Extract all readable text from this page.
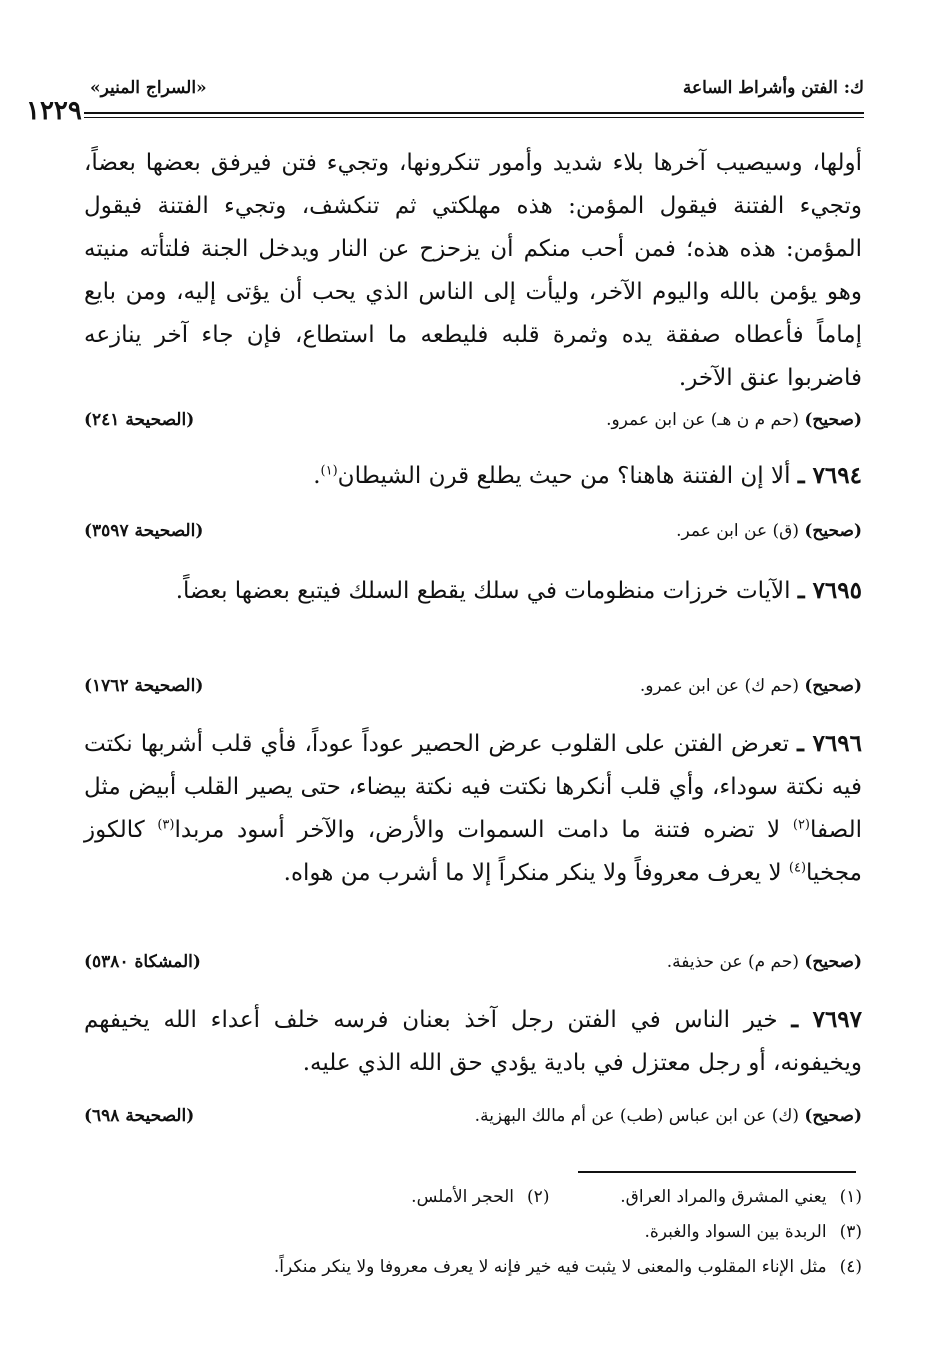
ك: الفتن وأشراط الساعة
«السراج المنير»
١٢٢٩

أولها، وسيصيب آخرها بلاء شديد وأمور تنكرونها، وتجيء فتن فيرفق بعضها بعضاً، وتجيء الفتنة فيقول المؤمن: هذه مهلكتي ثم تنكشف، وتجيء الفتنة فيقول المؤمن: هذه هذه؛ فمن أحب منكم أن يزحزح عن النار ويدخل الجنة فلتأته منيته وهو يؤمن بالله واليوم الآخر، وليأت إلى الناس الذي يحب أن يؤتى إليه، ومن بايع إماماً فأعطاه صفقة يده وثمرة قلبه فليطعه ما استطاع، فإن جاء آخر ينازعه فاضربوا عنق الآخر.

(صحيح) (حم م ن هـ) عن ابن عمرو.
(الصحيحة ٢٤١)

٧٦٩٤ ـ ألا إن الفتنة هاهنا؟ من حيث يطلع قرن الشيطان$^{(١)}$.

(صحيح) (ق) عن ابن عمر.
(الصحيحة ٣٥٩٧)

٧٦٩٥ ـ الآيات خرزات منظومات في سلك يقطع السلك فيتبع بعضها بعضاً.

(صحيح) (حم ك) عن ابن عمرو.
(الصحيحة ١٧٦٢)

٧٦٩٦ ـ تعرض الفتن على القلوب عرض الحصير عوداً عوداً، فأي قلب أشربها نكتت فيه نكتة سوداء، وأي قلب أنكرها نكتت فيه نكتة بيضاء، حتى يصير القلب أبيض مثل الصفا$^{(٢)}$ لا تضره فتنة ما دامت السموات والأرض، والآخر أسود مربدا$^{(٣)}$ كالكوز مجخيا$^{(٤)}$ لا يعرف معروفاً ولا ينكر منكراً إلا ما أشرب من هواه.

(صحيح) (حم م) عن حذيفة.
(المشكاة ٥٣٨٠)

٧٦٩٧ ـ خير الناس في الفتن رجل آخذ بعنان فرسه خلف أعداء الله يخيفهم ويخيفونه، أو رجل معتزل في بادية يؤدي حق الله الذي عليه.

(صحيح) (ك) عن ابن عباس (طب) عن أم مالك البهزية.
(الصحيحة ٦٩٨)
(١) يعني المشرق والمراد العراق.  (٢) الحجر الأملس.
(٣) الربدة بين السواد والغبرة.
(٤) مثل الإناء المقلوب والمعنى لا يثبت فيه خير فإنه لا يعرف معروفا ولا ينكر منكراً.
